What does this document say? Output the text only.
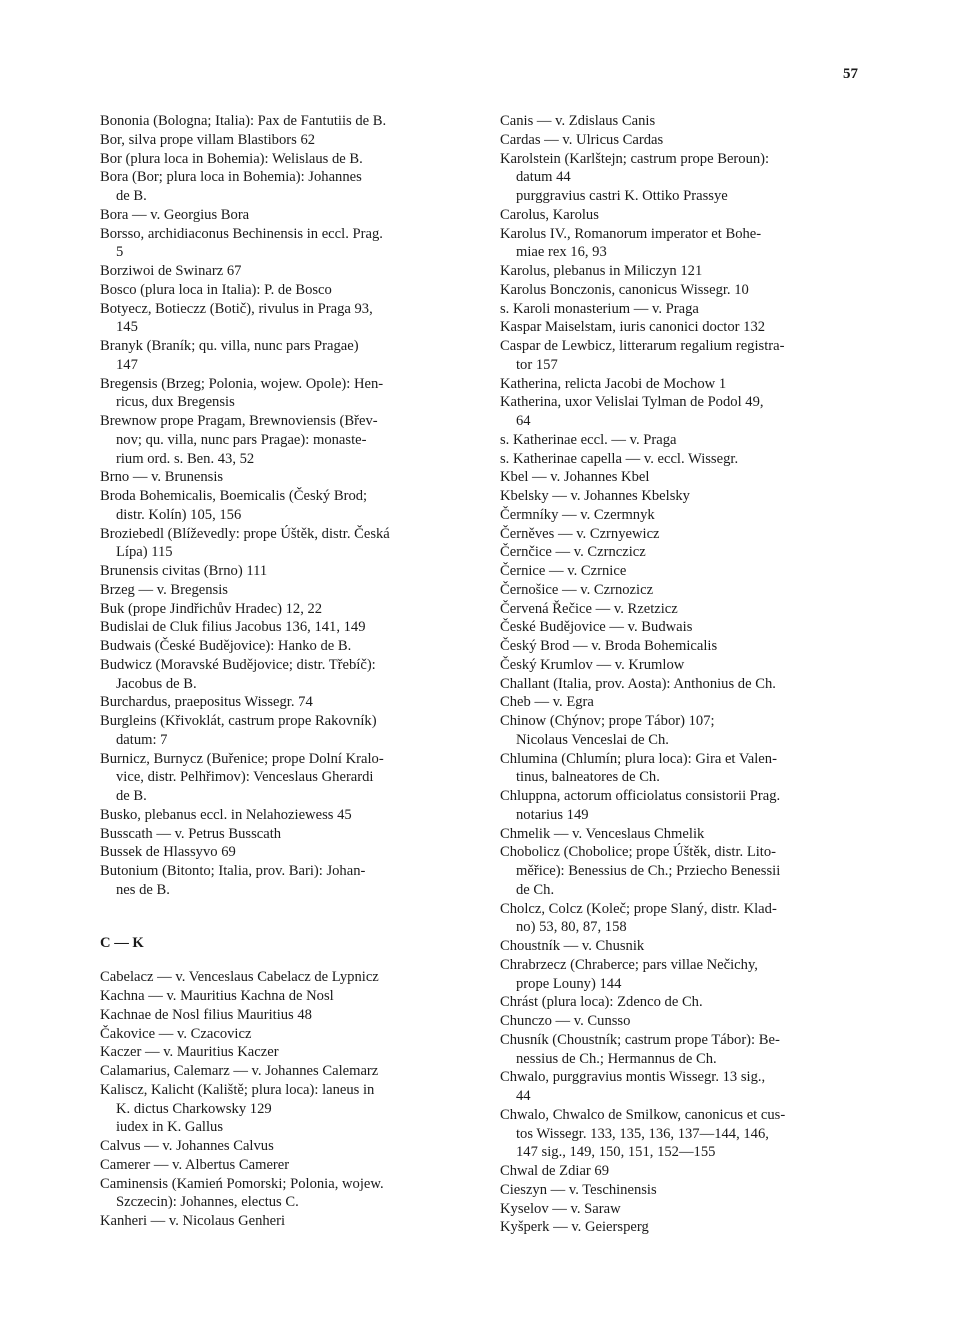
57
Bononia (Bologna; Italia): Pax de Fantutiis de B.
Bor, silva prope villam Blastibors 62
Bor (plura loca in Bohemia): Welislaus de B.
Bora (Bor; plura loca in Bohemia): Johannes
de B.
Bora — v. Georgius Bora
Borsso, archidiaconus Bechinensis in eccl. Prag.
5
Borziwoi de Swinarz 67
Bosco (plura loca in Italia): P. de Bosco
Botyecz, Botieczz (Botič), rivulus in Praga 93,
145
Branyk (Braník; qu. villa, nunc pars Pragae)
147
Bregensis (Brzeg; Polonia, wojew. Opole): Hen-
ricus, dux Bregensis
Brewnow prope Pragam, Brewnoviensis (Břev-
nov; qu. villa, nunc pars Pragae): monaste-
rium ord. s. Ben. 43, 52
Brno — v. Brunensis
Broda Bohemicalis, Boemicalis (Český Brod;
distr. Kolín) 105, 156
Broziebedl (Blíževedly: prope Úštěk, distr. Česká
Lípa) 115
Brunensis civitas (Brno) 111
Brzeg — v. Bregensis
Buk (prope Jindřichův Hradec) 12, 22
Budislai de Cluk filius Jacobus 136, 141, 149
Budwais (České Budějovice): Hanko de B.
Budwicz (Moravské Budějovice; distr. Třebíč):
Jacobus de B.
Burchardus, praepositus Wissegr. 74
Burgleins (Křivoklát, castrum prope Rakovník)
datum: 7
Burnicz, Burnycz (Buřenice; prope Dolní Kralo-
vice, distr. Pelhřimov): Venceslaus Gherardi
de B.
Busko, plebanus eccl. in Nelahoziewess 45
Busscath — v. Petrus Busscath
Bussek de Hlassyvo 69
Butonium (Bitonto; Italia, prov. Bari): Johan-
nes de B.
C — K
Cabelacz — v. Venceslaus Cabelacz de Lypnicz
Kachna — v. Mauritius Kachna de Nosl
Kachnae de Nosl filius Mauritius 48
Čakovice — v. Czacovicz
Kaczer — v. Mauritius Kaczer
Calamarius, Calemarz — v. Johannes Calemarz
Kaliscz, Kalicht (Kaliště; plura loca): laneus in
K. dictus Charkowsky 129
iudex in K. Gallus
Calvus — v. Johannes Calvus
Camerer — v. Albertus Camerer
Caminensis (Kamień Pomorski; Polonia, wojew.
Szczecin): Johannes, electus C.
Kanheri — v. Nicolaus Genheri
Canis — v. Zdislaus Canis
Cardas — v. Ulricus Cardas
Karolstein (Karlštejn; castrum prope Beroun):
datum 44
purggravius castri K. Ottiko Prassye
Carolus, Karolus
Karolus IV., Romanorum imperator et Bohe-
miae rex 16, 93
Karolus, plebanus in Miliczyn 121
Karolus Bonczonis, canonicus Wissegr. 10
s. Karoli monasterium — v. Praga
Kaspar Maiselstam, iuris canonici doctor 132
Caspar de Lewbicz, litterarum regalium registra-
tor 157
Katherina, relicta Jacobi de Mochow 1
Katherina, uxor Velislai Tylman de Podol 49,
64
s. Katherinae eccl. — v. Praga
s. Katherinae capella — v. eccl. Wissegr.
Kbel — v. Johannes Kbel
Kbelsky — v. Johannes Kbelsky
Čermníky — v. Czermnyk
Černěves — v. Czrnyewicz
Černčice — v. Czrnczicz
Černice — v. Czrnice
Černošice — v. Czrnozicz
Červená Řečice — v. Rzetzicz
České Budějovice — v. Budwais
Český Brod — v. Broda Bohemicalis
Český Krumlov — v. Krumlow
Challant (Italia, prov. Aosta): Anthonius de Ch.
Cheb — v. Egra
Chinow (Chýnov; prope Tábor) 107;
Nicolaus Venceslai de Ch.
Chlumina (Chlumín; plura loca): Gira et Valen-
tinus, balneatores de Ch.
Chluppna, actorum officiolatus consistorii Prag.
notarius 149
Chmelik — v. Venceslaus Chmelik
Chobolicz (Chobolice; prope Úštěk, distr. Lito-
měřice): Benessius de Ch.; Prziecho Benessii
de Ch.
Cholcz, Colcz (Koleč; prope Slaný, distr. Klad-
no) 53, 80, 87, 158
Choustník — v. Chusnik
Chrabrzecz (Chraberce; pars villae Nečichy,
prope Louny) 144
Chrást (plura loca): Zdenco de Ch.
Chunczo — v. Cunsso
Chusník (Choustník; castrum prope Tábor): Be-
nessius de Ch.; Hermannus de Ch.
Chwalo, purggravius montis Wissegr. 13 sig.,
44
Chwalo, Chwalco de Smilkow, canonicus et cus-
tos Wissegr. 133, 135, 136, 137—144, 146,
147 sig., 149, 150, 151, 152—155
Chwal de Zdiar 69
Cieszyn — v. Teschinensis
Kyselov — v. Saraw
Kyšperk — v. Geiersperg
